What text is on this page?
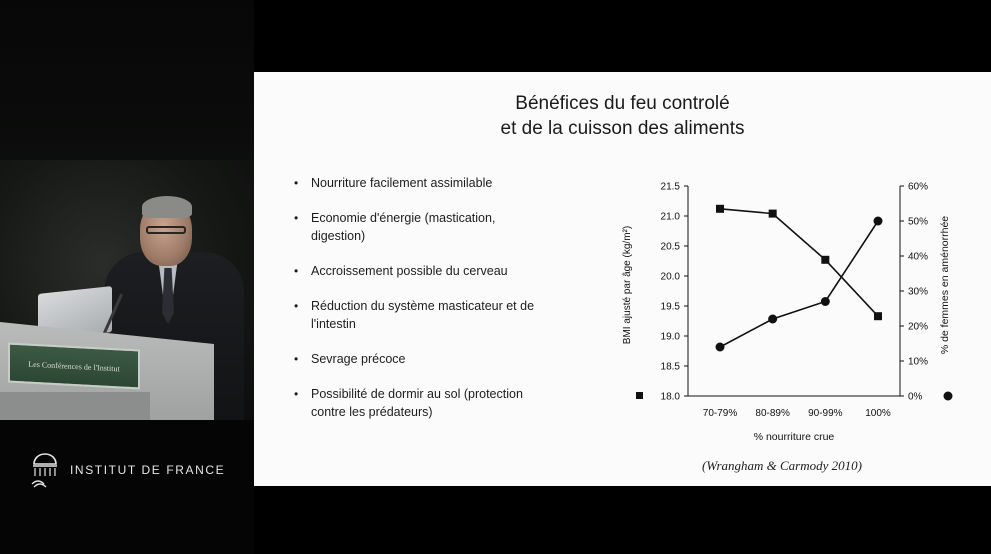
Les Conférences de l'Institut
INSTITUT DE FRANCE
Bénéfices du feu controlé
et de la cuisson des aliments
• Nourriture facilement assimilable
• Economie d'énergie (mastication, digestion)
• Accroissement possible du cerveau
• Réduction du système masticateur et de l'intestin
• Sevrage précoce
• Possibilité de dormir au sol (protection contre les prédateurs)
21.5
21.0
20.5
20.0
19.5
19.0
18.5
18.0
60%
50%
40%
30%
20%
10%
0%
70-79% 80-89% 90-99% 100%
% nourriture crue
BMI ajusté par âge (kg/m²)	% de femmes en aménorrhée
(Wrangham & Carmody 2010)
